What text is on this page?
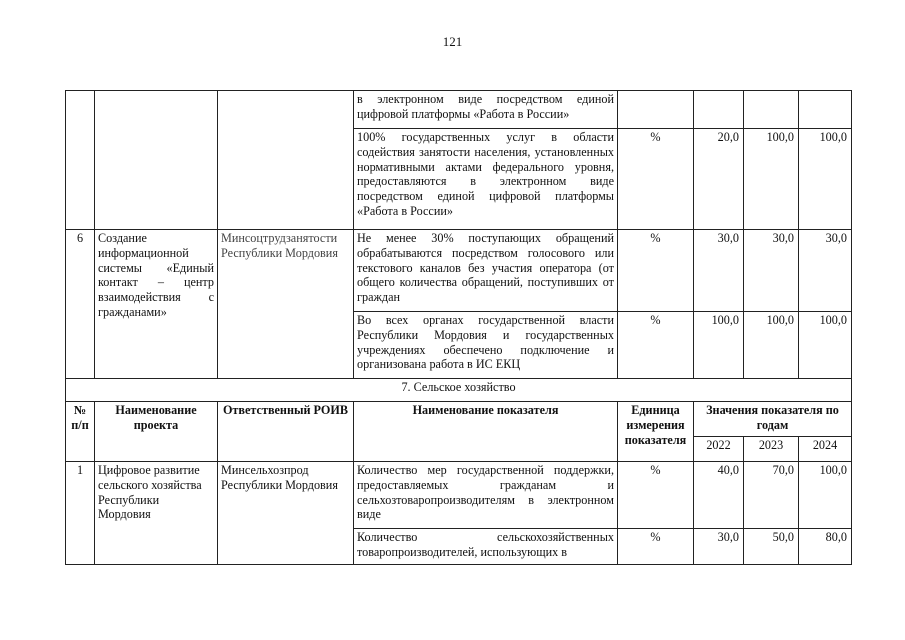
121
			в электронном виде посредством единой цифровой платформы «Работа в России»				
			100% государственных услуг в области содействия занятости населения, установленных нормативными актами федерального уровня, предоставляются в электронном виде посредством единой цифровой платформы «Работа в России»	%	20,0	100,0	100,0
6	Создание информационной системы «Единый контакт – центр взаимодействия с гражданами»	Минсоцтрудзанятости Республики Мордовия	Не менее 30% поступающих обращений обрабатываются посредством голосового или текстового каналов без участия оператора (от общего количества обращений, поступивших от граждан	%	30,0	30,0	30,0
			Во всех органах государственной власти Республики Мордовия и государственных учреждениях обеспечено подключение и организована работа в ИС ЕКЦ	%	100,0	100,0	100,0
7. Сельское хозяйство							
№ п/п	Наименование проекта	Ответственный РОИВ	Наименование показателя	Единица измерения показателя	Значения показателя по годам		
					2022	2023	2024
1	Цифровое развитие сельского хозяйства Республики Мордовия	Минсельхозпрод Республики Мордовия	Количество мер государственной поддержки, предоставляемых гражданам и сельхозтоваропроизводителям в электронном виде	%	40,0	70,0	100,0
			Количество сельскохозяйственных товаропроизводителей, использующих в	%	30,0	50,0	80,0
